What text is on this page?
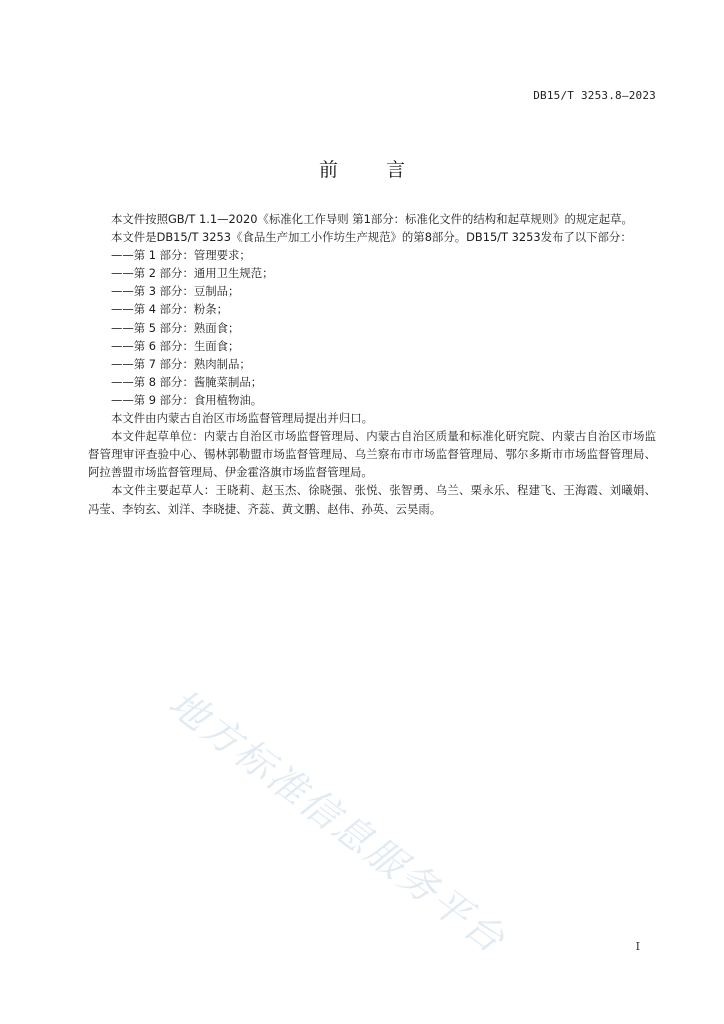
DB15/T 3253.8—2023
前 言

本文件按照GB/T 1.1—2020《标准化工作导则 第1部分：标准化文件的结构和起草规则》的规定起草。

本文件是DB15/T 3253《食品生产加工小作坊生产规范》的第8部分。DB15/T 3253发布了以下部分：

——第 1 部分：管理要求；

——第 2 部分：通用卫生规范；

——第 3 部分：豆制品；

——第 4 部分：粉条；

——第 5 部分：熟面食；

——第 6 部分：生面食；

——第 7 部分：熟肉制品；

——第 8 部分：酱腌菜制品；

——第 9 部分：食用植物油。

本文件由内蒙古自治区市场监督管理局提出并归口。

本文件起草单位：内蒙古自治区市场监督管理局、内蒙古自治区质量和标准化研究院、内蒙古自治区市场监督管理审评查验中心、锡林郭勒盟市场监督管理局、乌兰察布市市场监督管理局、鄂尔多斯市市场监督管理局、阿拉善盟市场监督管理局、伊金霍洛旗市场监督管理局。

本文件主要起草人：王晓莉、赵玉杰、徐晓强、张悦、张智勇、乌兰、栗永乐、程建飞、王海霞、刘曦娟、冯莹、李钧玄、刘洋、李晓捷、齐蕊、黄文鹏、赵伟、孙英、云昊雨。

地方标准信息服务平台	I
